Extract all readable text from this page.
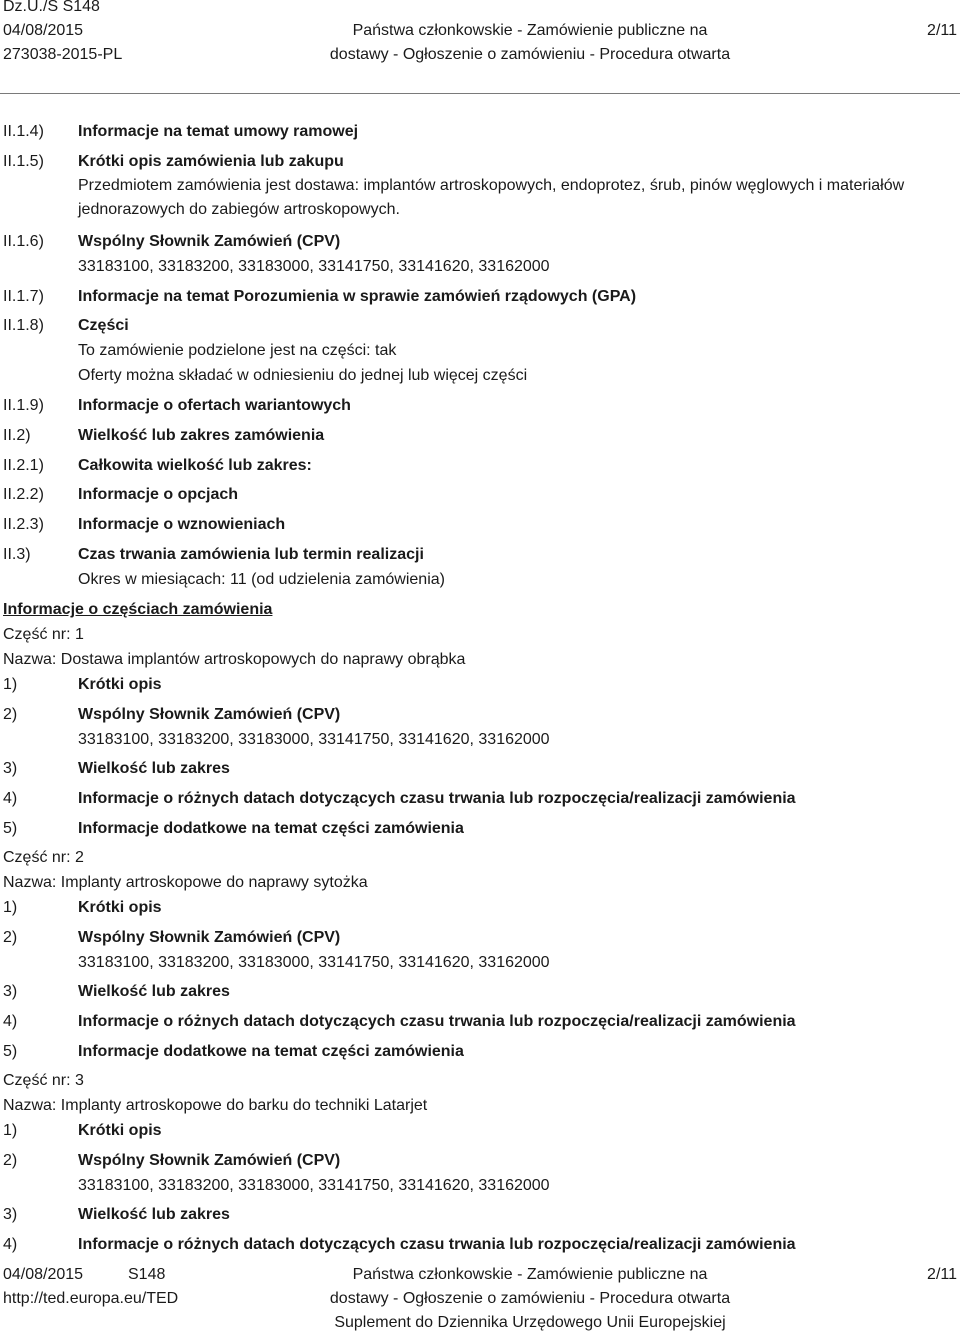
Dz.U./S S148
04/08/2015
273038-2015-PL
Państwa członkowskie - Zamówienie publiczne na
dostawy - Ogłoszenie o zamówieniu - Procedura otwarta
2/11
II.1.4) Informacje na temat umowy ramowej
II.1.5) Krótki opis zamówienia lub zakupu
Przedmiotem zamówienia jest dostawa: implantów artroskopowych, endoprotez, śrub, pinów węglowych i materiałów jednorazowych do zabiegów artroskopowych.
II.1.6) Wspólny Słownik Zamówień (CPV)
33183100, 33183200, 33183000, 33141750, 33141620, 33162000
II.1.7) Informacje na temat Porozumienia w sprawie zamówień rządowych (GPA)
II.1.8) Części
To zamówienie podzielone jest na części: tak
Oferty można składać w odniesieniu do jednej lub więcej części
II.1.9) Informacje o ofertach wariantowych
II.2)	Wielkość lub zakres zamówienia
II.2.1) Całkowita wielkość lub zakres:
II.2.2) Informacje o opcjach
II.2.3) Informacje o wznowieniach
II.3)	Czas trwania zamówienia lub termin realizacji
Okres w miesiącach: 11 (od udzielenia zamówienia)
Informacje o częściach zamówienia
Część nr: 1
Nazwa: Dostawa implantów artroskopowych do naprawy obrąbka
1)	Krótki opis
2)	Wspólny Słownik Zamówień (CPV)
33183100, 33183200, 33183000, 33141750, 33141620, 33162000
3)	Wielkość lub zakres
4)	Informacje o różnych datach dotyczących czasu trwania lub rozpoczęcia/realizacji zamówienia
5)	Informacje dodatkowe na temat części zamówienia
Część nr: 2
Nazwa: Implanty artroskopowe do naprawy sytożka
1)	Krótki opis
2)	Wspólny Słownik Zamówień (CPV)
33183100, 33183200, 33183000, 33141750, 33141620, 33162000
3)	Wielkość lub zakres
4)	Informacje o różnych datach dotyczących czasu trwania lub rozpoczęcia/realizacji zamówienia
5)	Informacje dodatkowe na temat części zamówienia
Część nr: 3
Nazwa: Implanty artroskopowe do barku do techniki Latarjet
1)	Krótki opis
2)	Wspólny Słownik Zamówień (CPV)
33183100, 33183200, 33183000, 33141750, 33141620, 33162000
3)	Wielkość lub zakres
4)	Informacje o różnych datach dotyczących czasu trwania lub rozpoczęcia/realizacji zamówienia
04/08/2015	S148
http://ted.europa.eu/TED
Państwa członkowskie - Zamówienie publiczne na
dostawy - Ogłoszenie o zamówieniu - Procedura otwarta
Suplement do Dziennika Urzędowego Unii Europejskiej
2/11
